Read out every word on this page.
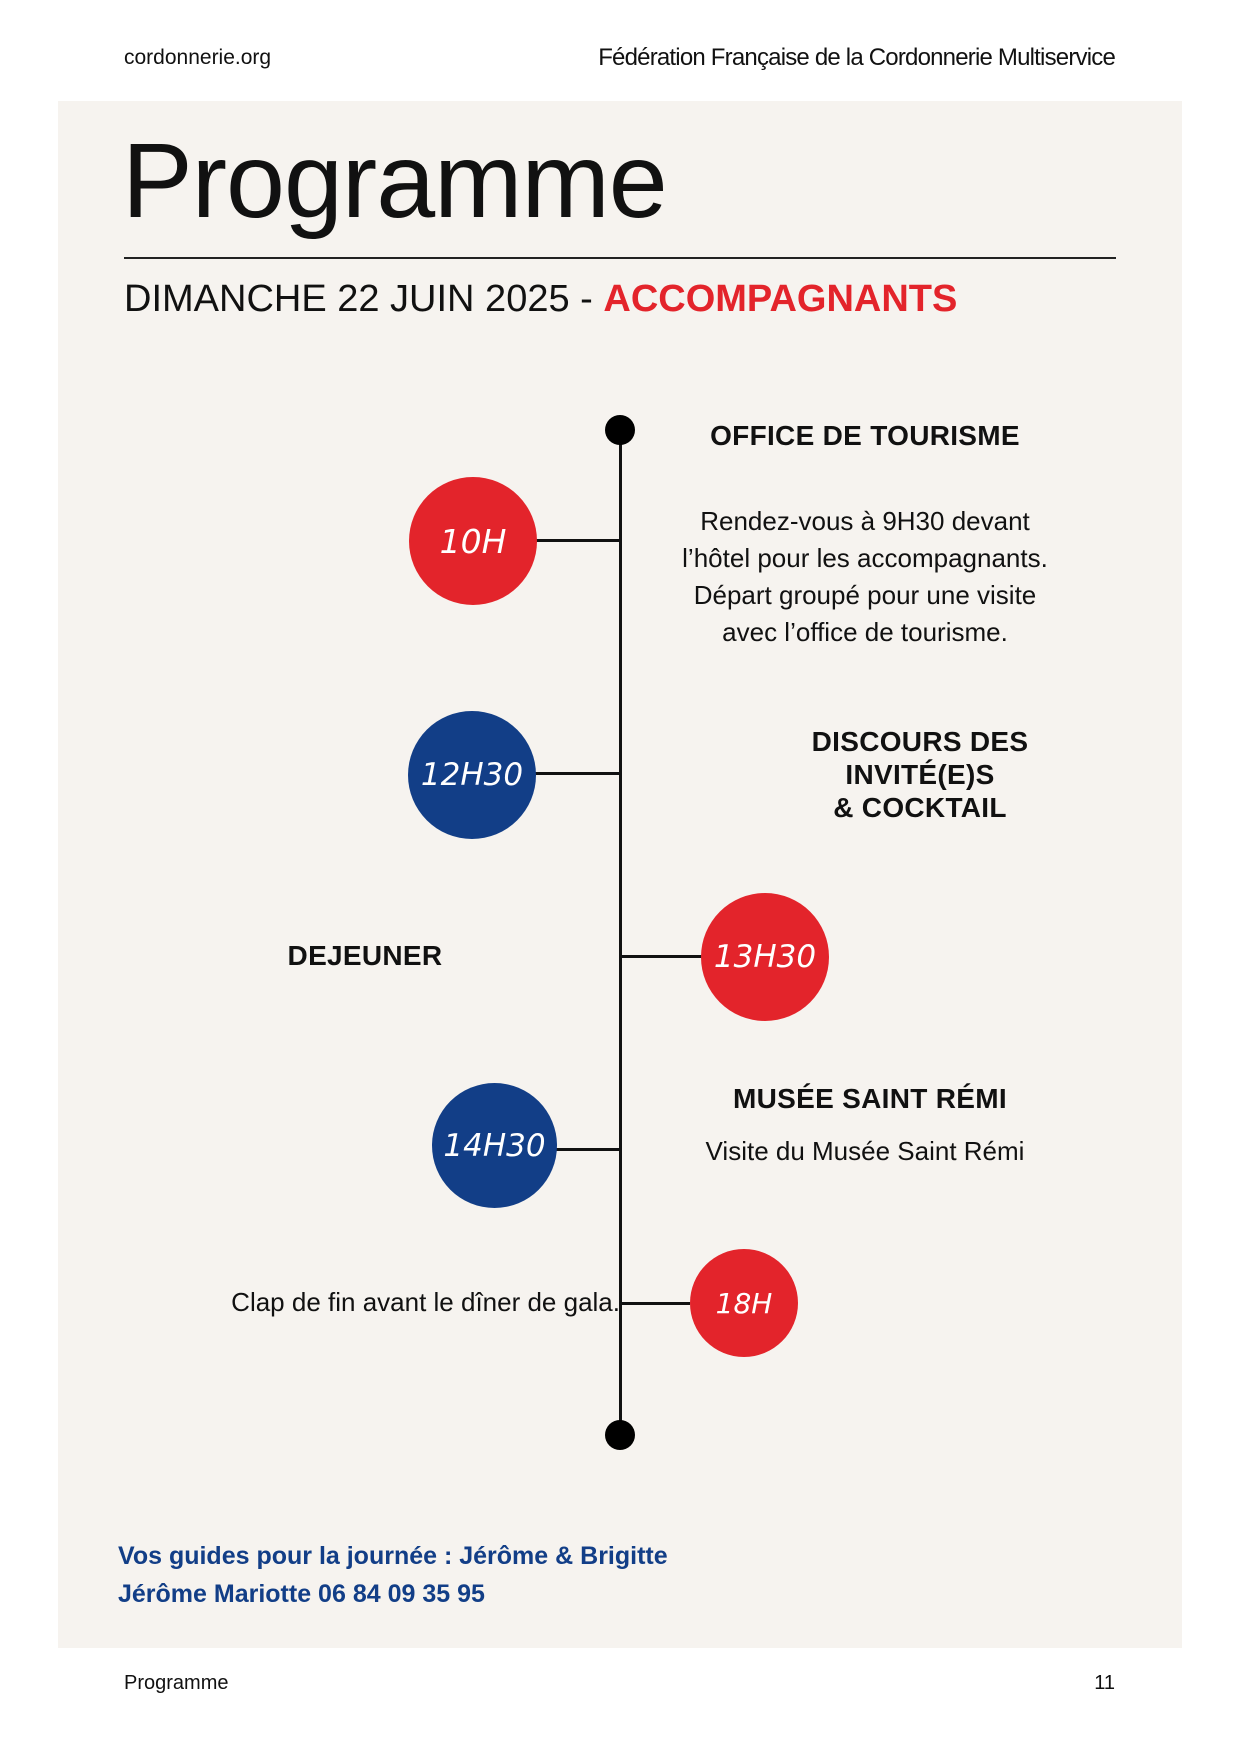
cordonnerie.org	Fédération Française de la Cordonnerie Multiservice
Programme
DIMANCHE 22 JUIN 2025 - ACCOMPAGNANTS
10H
OFFICE DE TOURISME
Rendez-vous à 9H30 devant
l’hôtel pour les accompagnants.
Départ groupé pour une visite
avec l’office de tourisme.
12H30
DISCOURS DES
INVITÉ(E)S
& COCKTAIL
13H30
DEJEUNER
14H30
MUSÉE SAINT RÉMI
Visite du Musée Saint Rémi
18H
Clap de fin avant le dîner de gala.
Vos guides pour la journée : Jérôme & Brigitte
Jérôme Mariotte 06 84 09 35 95
Programme	11
